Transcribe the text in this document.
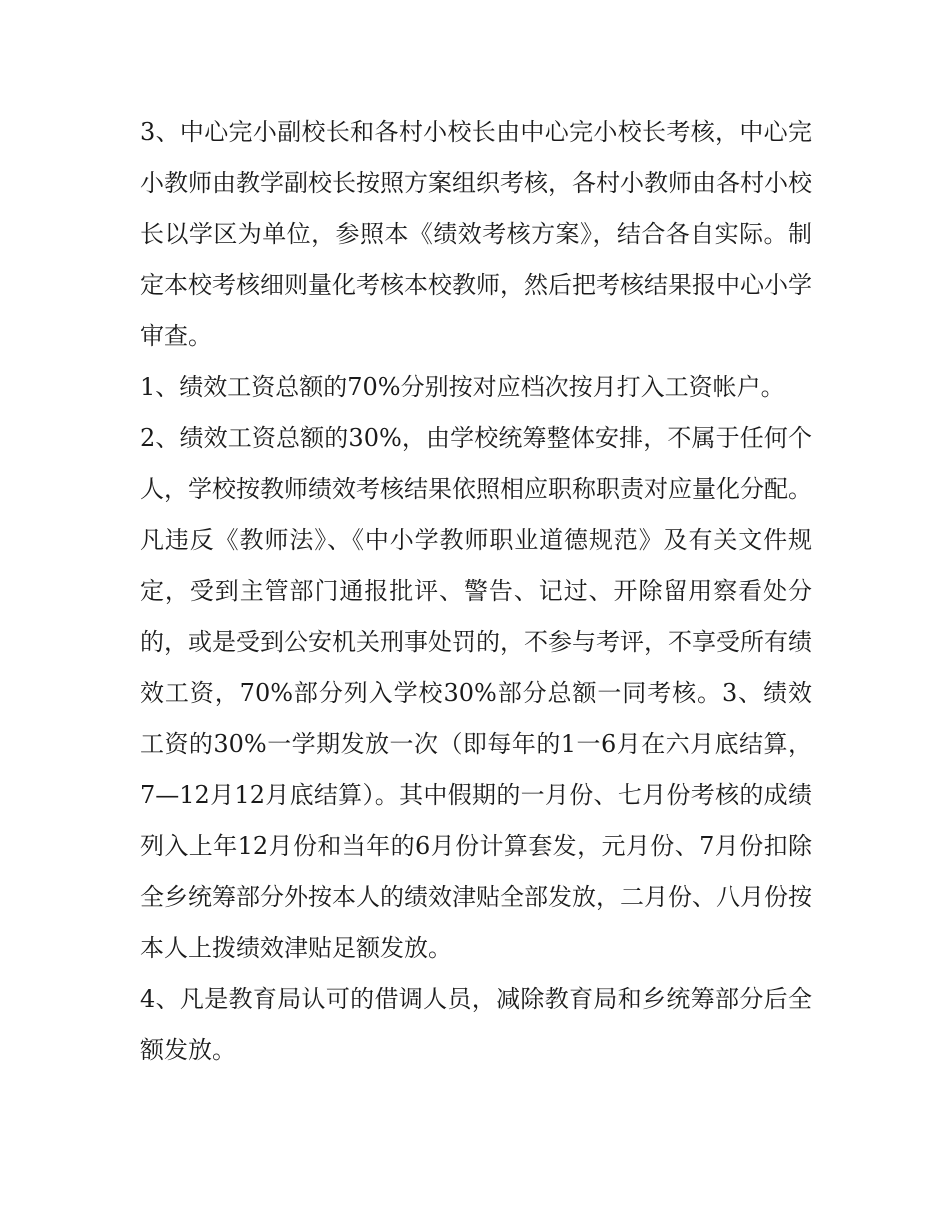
3、中心完小副校长和各村小校长由中心完小校长考核，中心完小教师由教学副校长按照方案组织考核，各村小教师由各村小校长以学区为单位，参照本《绩效考核方案》，结合各自实际。制定本校考核细则量化考核本校教师，然后把考核结果报中心小学审查。

1、绩效工资总额的70%分别按对应档次按月打入工资帐户。

2、绩效工资总额的30%，由学校统筹整体安排，不属于任何个人，学校按教师绩效考核结果依照相应职称职责对应量化分配。

凡违反《教师法》、《中小学教师职业道德规范》及有关文件规定，受到主管部门通报批评、警告、记过、开除留用察看处分的，或是受到公安机关刑事处罚的，不参与考评，不享受所有绩效工资，70%部分列入学校30%部分总额一同考核。3、绩效工资的30%一学期发放一次（即每年的1一6月在六月底结算，7—12月12月底结算）。其中假期的一月份、七月份考核的成绩列入上年12月份和当年的6月份计算套发，元月份、7月份扣除全乡统筹部分外按本人的绩效津贴全部发放，二月份、八月份按本人上拨绩效津贴足额发放。

4、凡是教育局认可的借调人员，减除教育局和乡统筹部分后全额发放。
